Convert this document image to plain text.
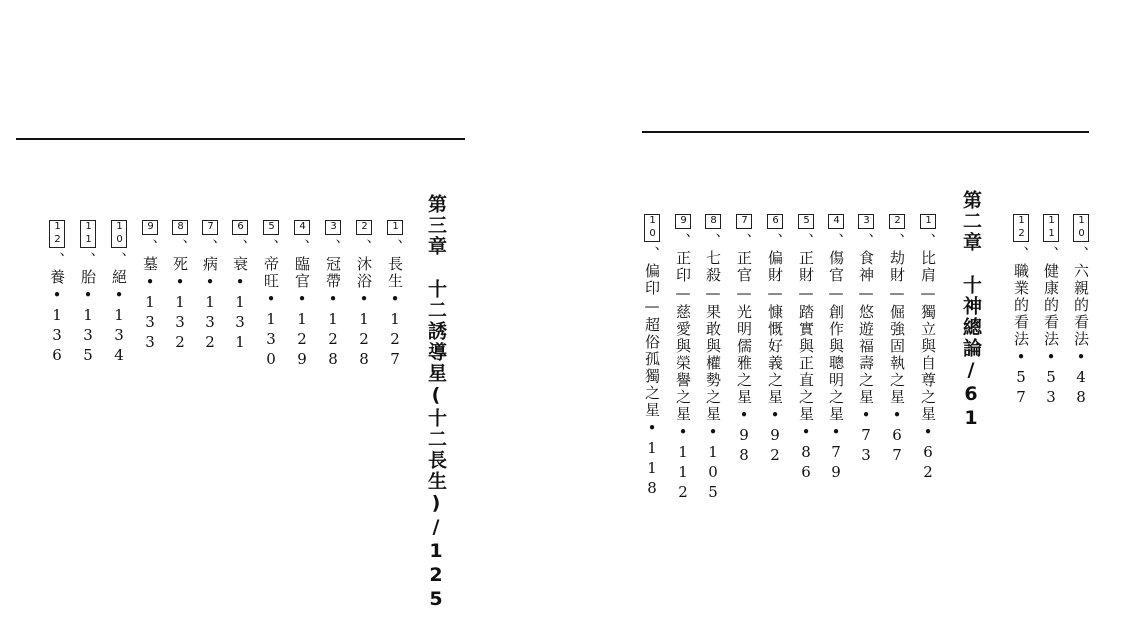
第三章十二誘導星(十二長生)/125
1、長生•127
2、沐浴•128
3、冠帶•128
4、臨官•129
5、帝旺•130
6、衰•131
7、病•132
8、死•132
9、墓•133
10、絕•134
11、胎•135
12、養•136
10、六親的看法•48
11、健康的看法•53
12、職業的看法•57
第二章十神總論/61
1、比肩—獨立與自尊之星•62
2、劫財—倔強固執之星•67
3、食神—悠遊福壽之星•73
4、傷官—創作與聰明之星•79
5、正財—踏實與正直之星•86
6、偏財—慷慨好義之星•92
7、正官—光明儒雅之星•98
8、七殺—果敢與權勢之星•105
9、正印—慈愛與榮譽之星•112
10、偏印—超俗孤獨之星•118
